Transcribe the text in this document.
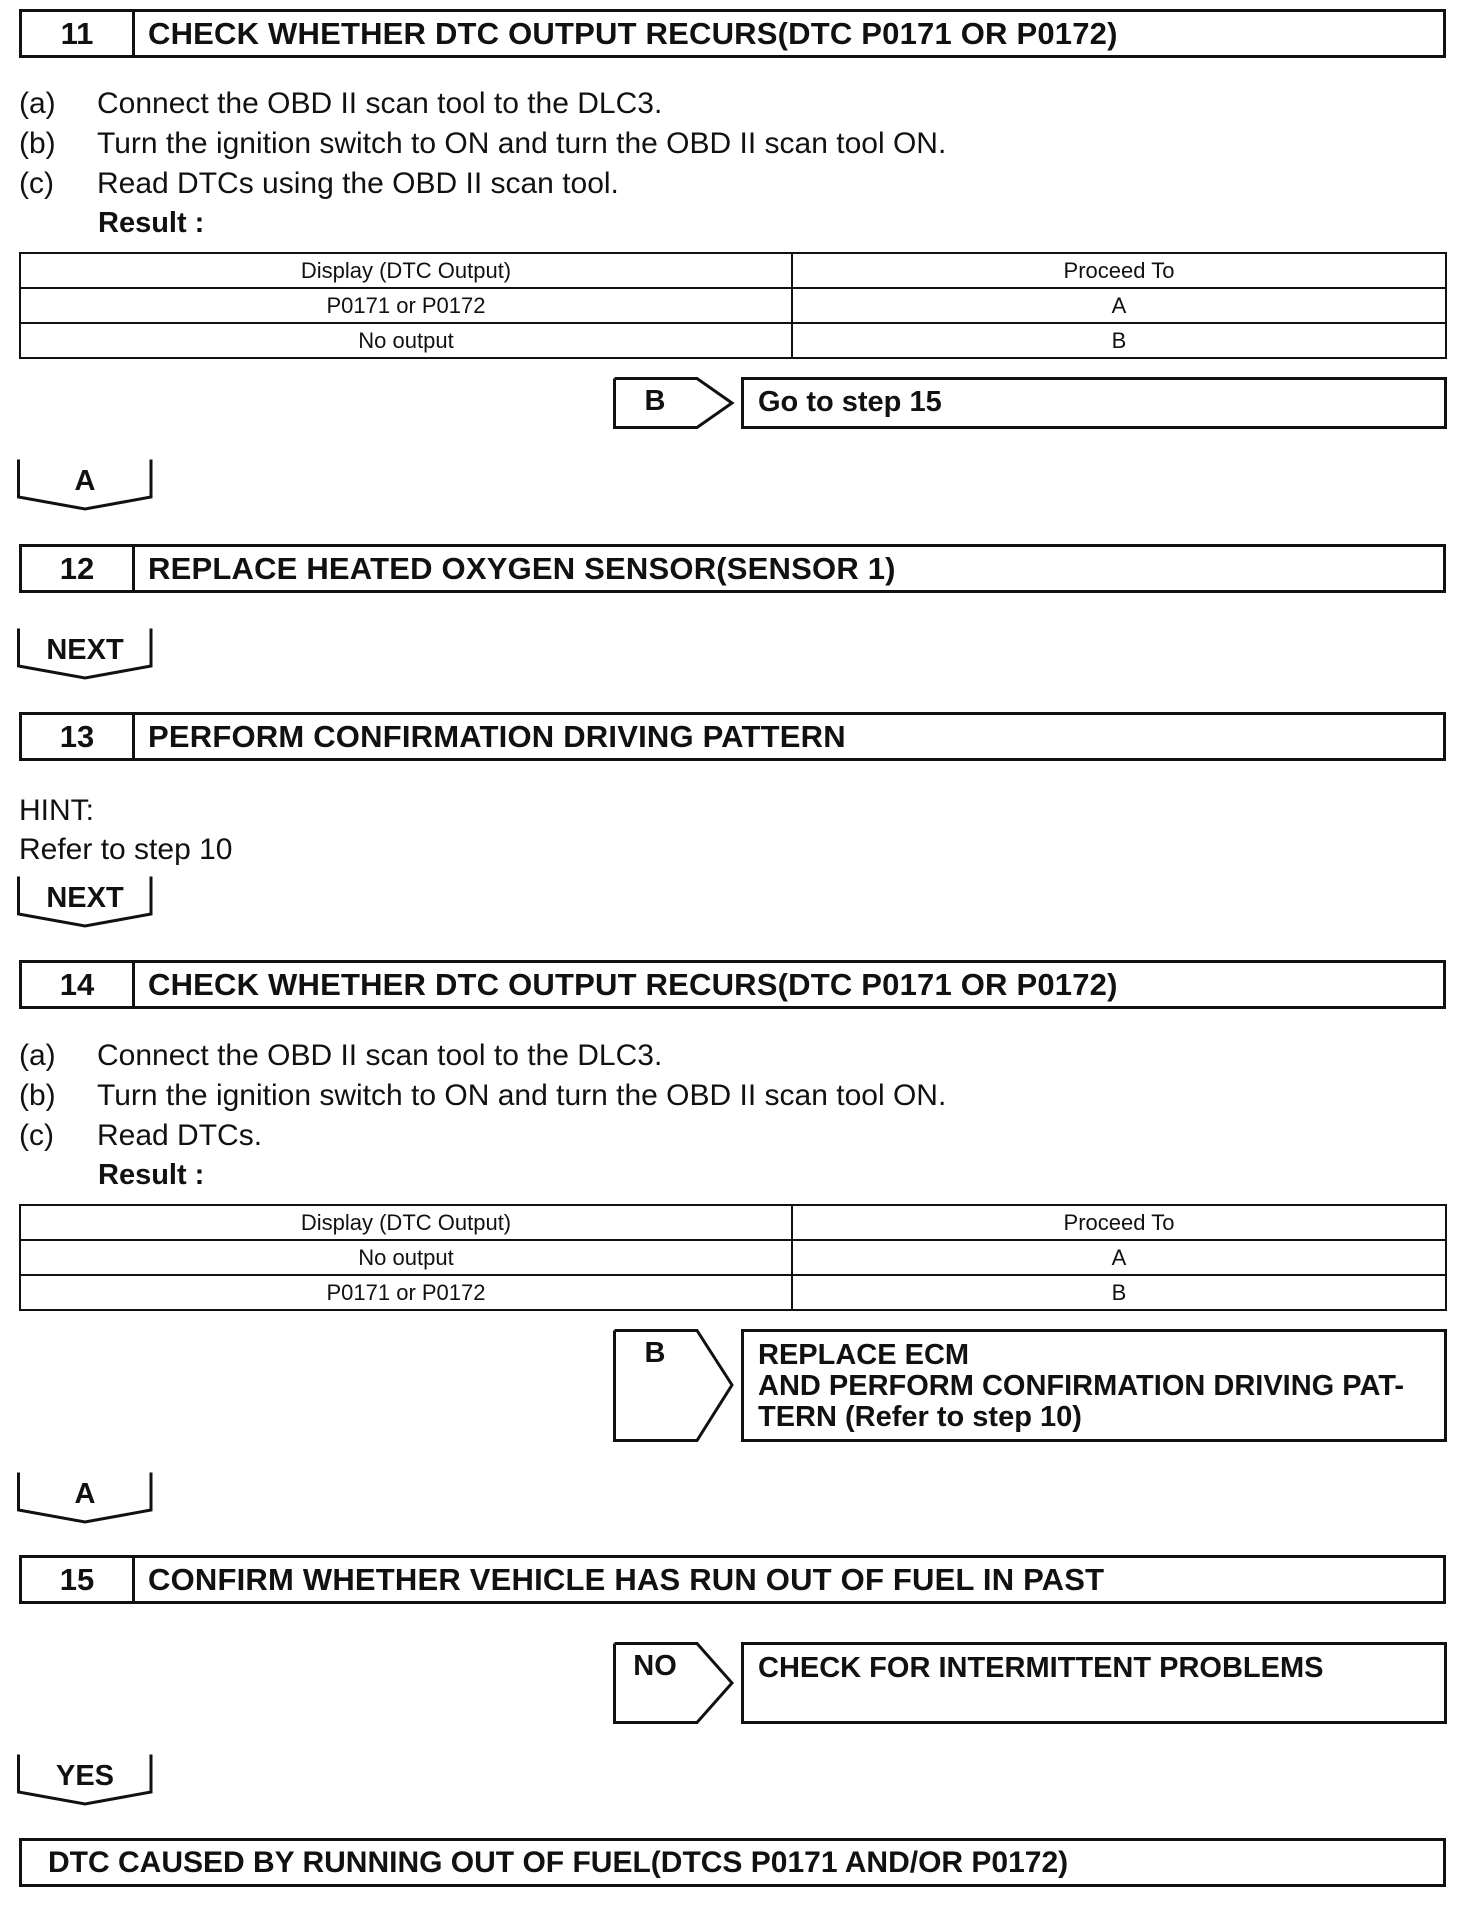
11	CHECK WHETHER DTC OUTPUT RECURS(DTC P0171 OR P0172)
(a)	Connect the OBD II scan tool to the DLC3.
(b)	Turn the ignition switch to ON and turn the OBD II scan tool ON.
(c)	Read DTCs using the OBD II scan tool.
Result :
Display (DTC Output)	Proceed To
P0171 or P0172	A
No output	B
B	Go to step 15
A
12	REPLACE HEATED OXYGEN SENSOR(SENSOR 1)
NEXT
13	PERFORM CONFIRMATION DRIVING PATTERN
HINT:
Refer to step 10
NEXT
14	CHECK WHETHER DTC OUTPUT RECURS(DTC P0171 OR P0172)
(a)	Connect the OBD II scan tool to the DLC3.
(b)	Turn the ignition switch to ON and turn the OBD II scan tool ON.
(c)	Read DTCs.
Result :
Display (DTC Output)	Proceed To
No output	A
P0171 or P0172	B
B	REPLACE ECM
AND PERFORM CONFIRMATION DRIVING PAT-
TERN (Refer to step 10)
A
15	CONFIRM WHETHER VEHICLE HAS RUN OUT OF FUEL IN PAST
NO	CHECK FOR INTERMITTENT PROBLEMS
YES
DTC CAUSED BY RUNNING OUT OF FUEL(DTCS P0171 AND/OR P0172)
